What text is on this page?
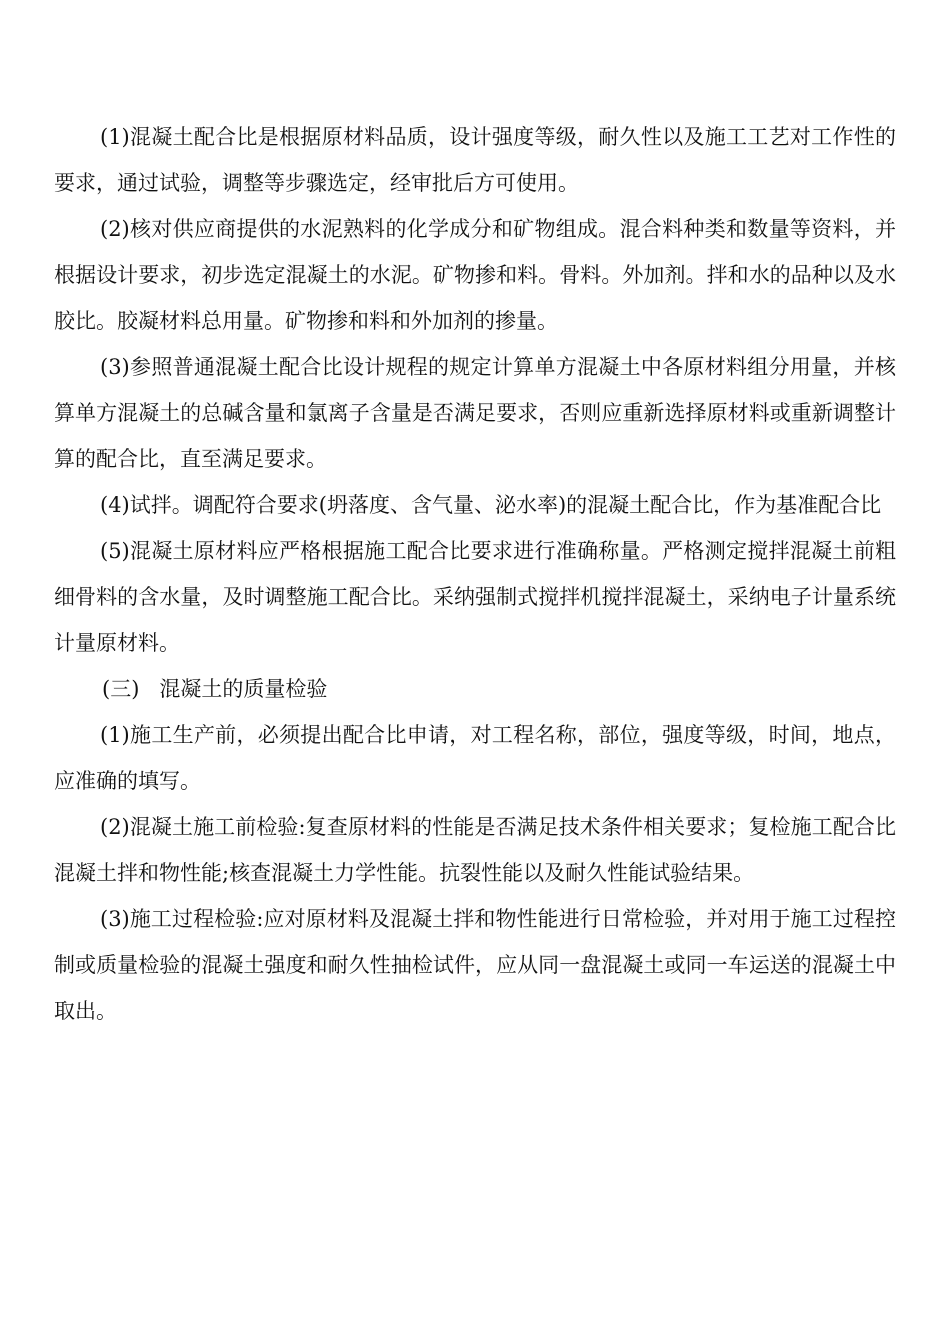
(1)混凝土配合比是根据原材料品质，设计强度等级，耐久性以及施工工艺对工作性的要求，通过试验，调整等步骤选定，经审批后方可使用。

(2)核对供应商提供的水泥熟料的化学成分和矿物组成。混合料种类和数量等资料，并根据设计要求，初步选定混凝土的水泥。矿物掺和料。骨料。外加剂。拌和水的品种以及水胶比。胶凝材料总用量。矿物掺和料和外加剂的掺量。

(3)参照普通混凝土配合比设计规程的规定计算单方混凝土中各原材料组分用量，并核算单方混凝土的总碱含量和氯离子含量是否满足要求，否则应重新选择原材料或重新调整计算的配合比，直至满足要求。

(4)试拌。调配符合要求(坍落度、含气量、泌水率)的混凝土配合比，作为基准配合比

(5)混凝土原材料应严格根据施工配合比要求进行准确称量。严格测定搅拌混凝土前粗细骨料的含水量，及时调整施工配合比。采纳强制式搅拌机搅拌混凝土，采纳电子计量系统计量原材料。

(三)   混凝土的质量检验

(1)施工生产前，必须提出配合比申请，对工程名称，部位，强度等级，时间，地点，应准确的填写。

(2)混凝土施工前检验:复查原材料的性能是否满足技术条件相关要求；复检施工配合比混凝土拌和物性能;核查混凝土力学性能。抗裂性能以及耐久性能试验结果。

(3)施工过程检验:应对原材料及混凝土拌和物性能进行日常检验，并对用于施工过程控制或质量检验的混凝土强度和耐久性抽检试件，应从同一盘混凝土或同一车运送的混凝土中取出。
